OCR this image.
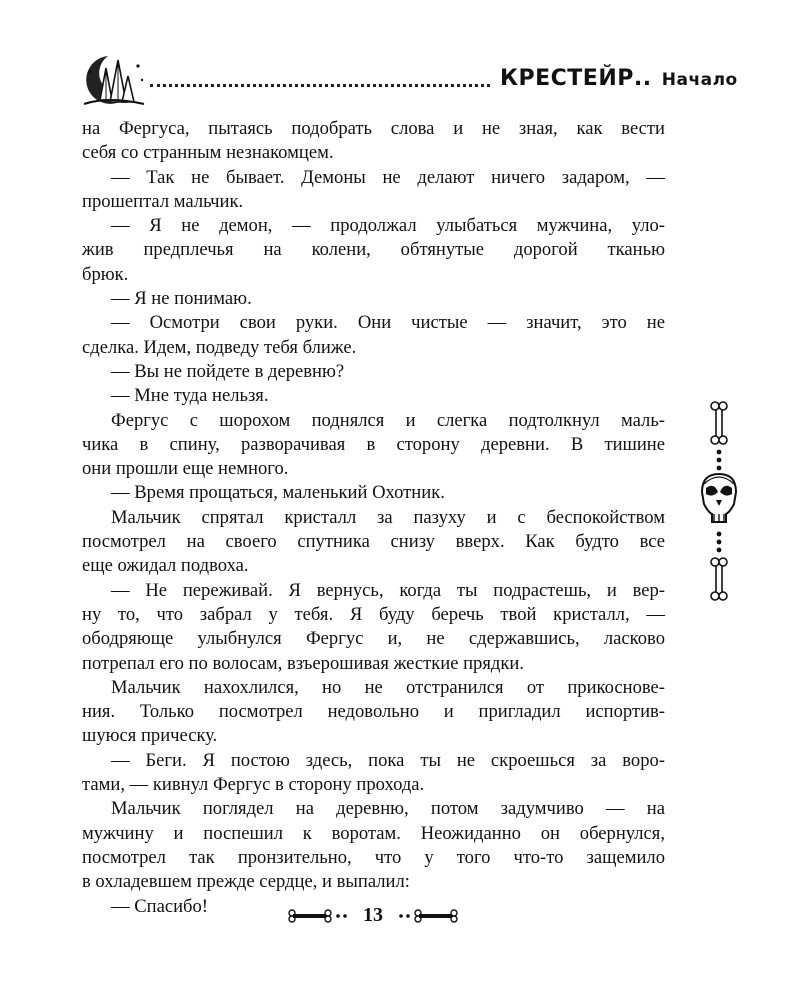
КРЕСТЕЙР.. Начало
на Фергуса, пытаясь подобрать слова и не зная, как вести
себя со странным незнакомцем.
— Так не бывает. Демоны не делают ничего задаром, —
прошептал мальчик.
— Я не демон, — продолжал улыбаться мужчина, уло-
жив предплечья на колени, обтянутые дорогой тканью
брюк.
— Я не понимаю.
— Осмотри свои руки. Они чистые — значит, это не
сделка. Идем, подведу тебя ближе.
— Вы не пойдете в деревню?
— Мне туда нельзя.
Фергус с шорохом поднялся и слегка подтолкнул маль-
чика в спину, разворачивая в сторону деревни. В тишине
они прошли еще немного.
— Время прощаться, маленький Охотник.
Мальчик спрятал кристалл за пазуху и с беспокойством
посмотрел на своего спутника снизу вверх. Как будто все
еще ожидал подвоха.
— Не переживай. Я вернусь, когда ты подрастешь, и вер-
ну то, что забрал у тебя. Я буду беречь твой кристалл, —
ободряюще улыбнулся Фергус и, не сдержавшись, ласково
потрепал его по волосам, взъерошивая жесткие прядки.
Мальчик нахохлился, но не отстранился от прикоснове-
ния. Только посмотрел недовольно и пригладил испортив-
шуюся прическу.
— Беги. Я постою здесь, пока ты не скроешься за воро-
тами, — кивнул Фергус в сторону прохода.
Мальчик поглядел на деревню, потом задумчиво — на
мужчину и поспешил к воротам. Неожиданно он обернулся,
посмотрел так пронзительно, что у того что-то защемило
в охладевшем прежде сердце, и выпалил:
— Спасибо!	13
